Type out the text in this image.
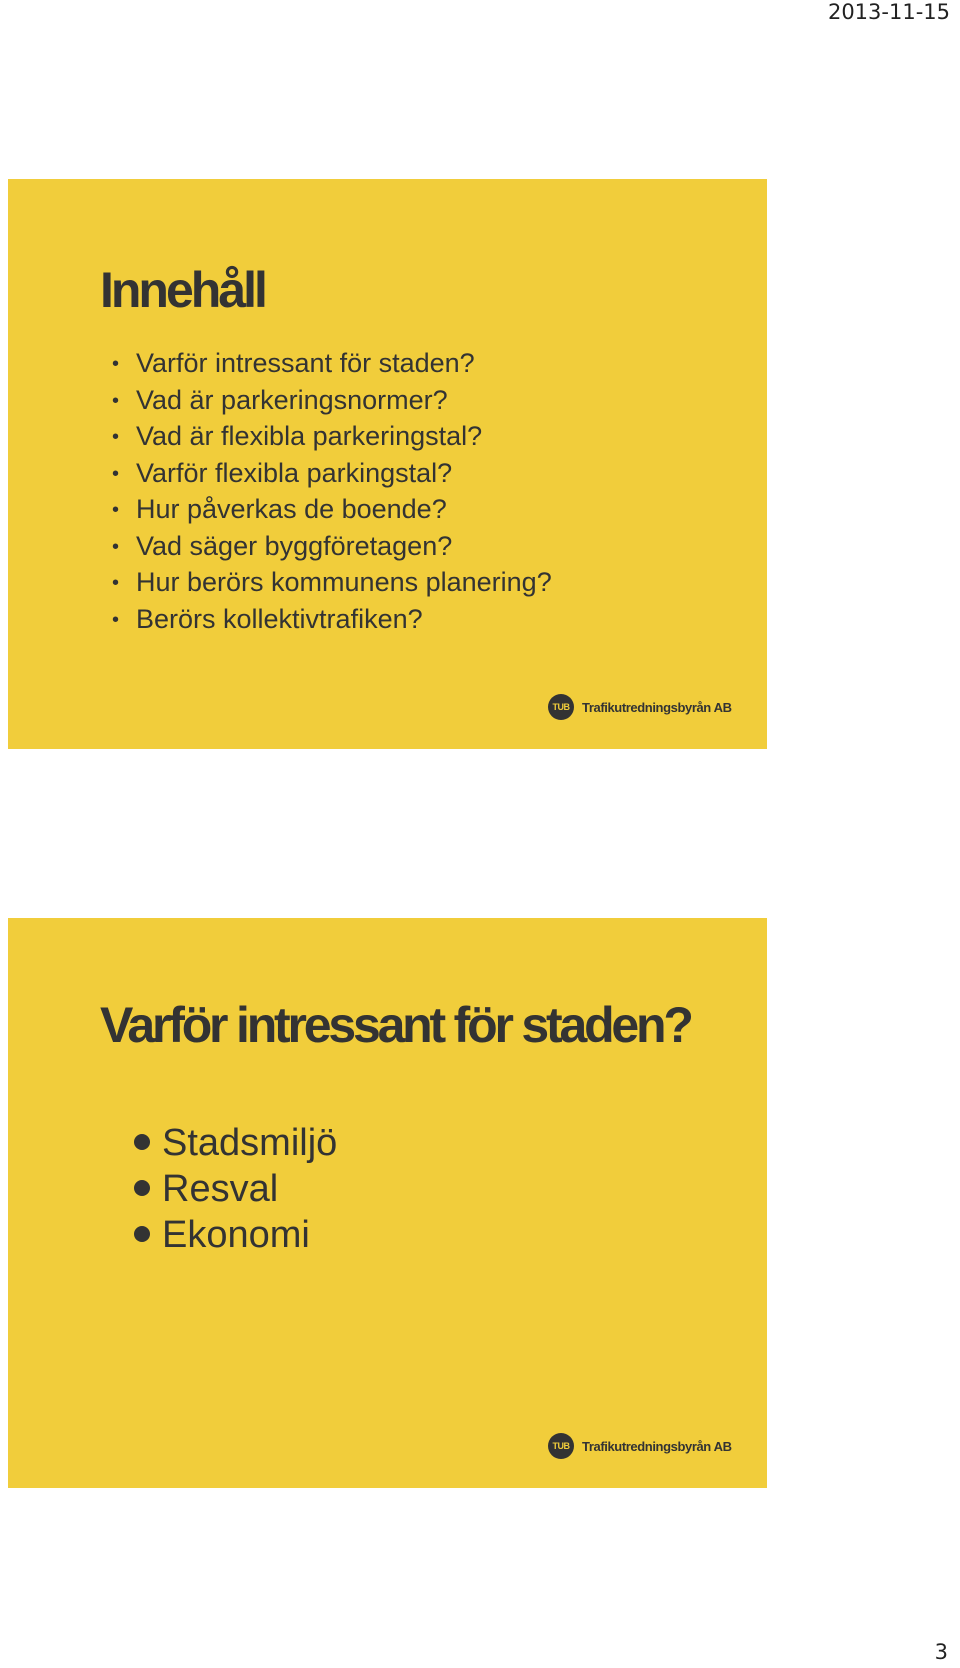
2013-11-15
Innehåll
• Varför intressant för staden?
• Vad är parkeringsnormer?
• Vad är flexibla parkeringstal?
• Varför flexibla parkingstal?
• Hur påverkas de boende?
• Vad säger byggföretagen?
• Hur berörs kommunens planering?
• Berörs kollektivtrafiken?
TUB Trafikutredningsbyrån AB
Varför intressant för staden?
Stadsmiljö
Resval
Ekonomi
TUB Trafikutredningsbyrån AB
3
